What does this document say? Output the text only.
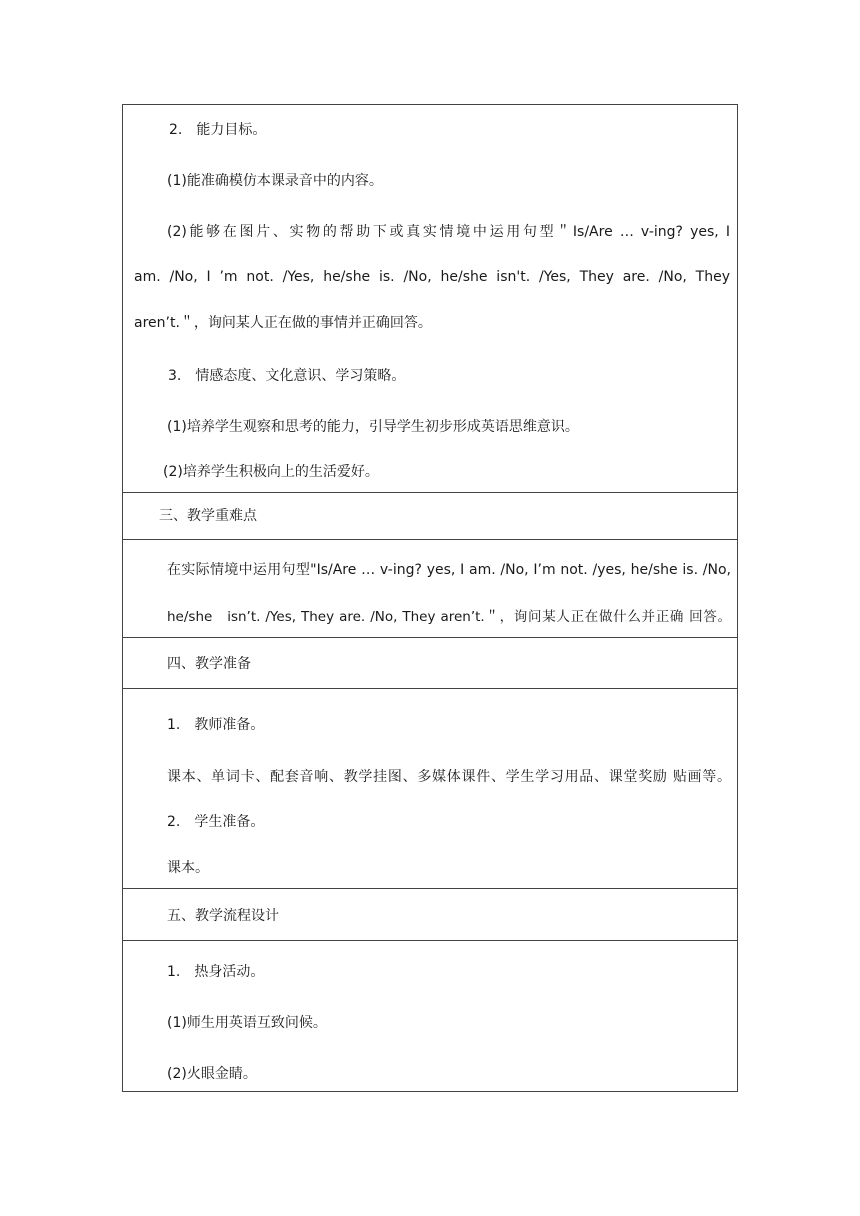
2.　能力目标。
(1)能准确模仿本课录音中的内容。
(2)能够在图片、实物的帮助下或真实情境中运用句型＂Is/Are … v-ing? yes, I
am. /No, I ’m not. /Yes, he/she is. /No, he/she isn't. /Yes, They are. /No, They
aren’t.＂，询问某人正在做的事情并正确回答。
3.　情感态度、文化意识、学习策略。
(1)培养学生观察和思考的能力，引导学生初步形成英语思维意识。
(2)培养学生积极向上的生活爱好。
三、教学重难点
在实际情境中运用句型"Is/Are … v-ing? yes, I am. /No, I’m not. /yes, he/she is. /No,
he/she　isn’t. /Yes, They are. /No, They aren’t.＂，询问某人正在做什么并正确 回答。
四、教学准备
1.　教师准备。
课本、单词卡、配套音响、教学挂图、多媒体课件、学生学习用品、课堂奖励 贴画等。
2.　学生准备。
课本。
五、教学流程设计
1.　热身活动。
(1)师生用英语互致问候。
(2)火眼金睛。
